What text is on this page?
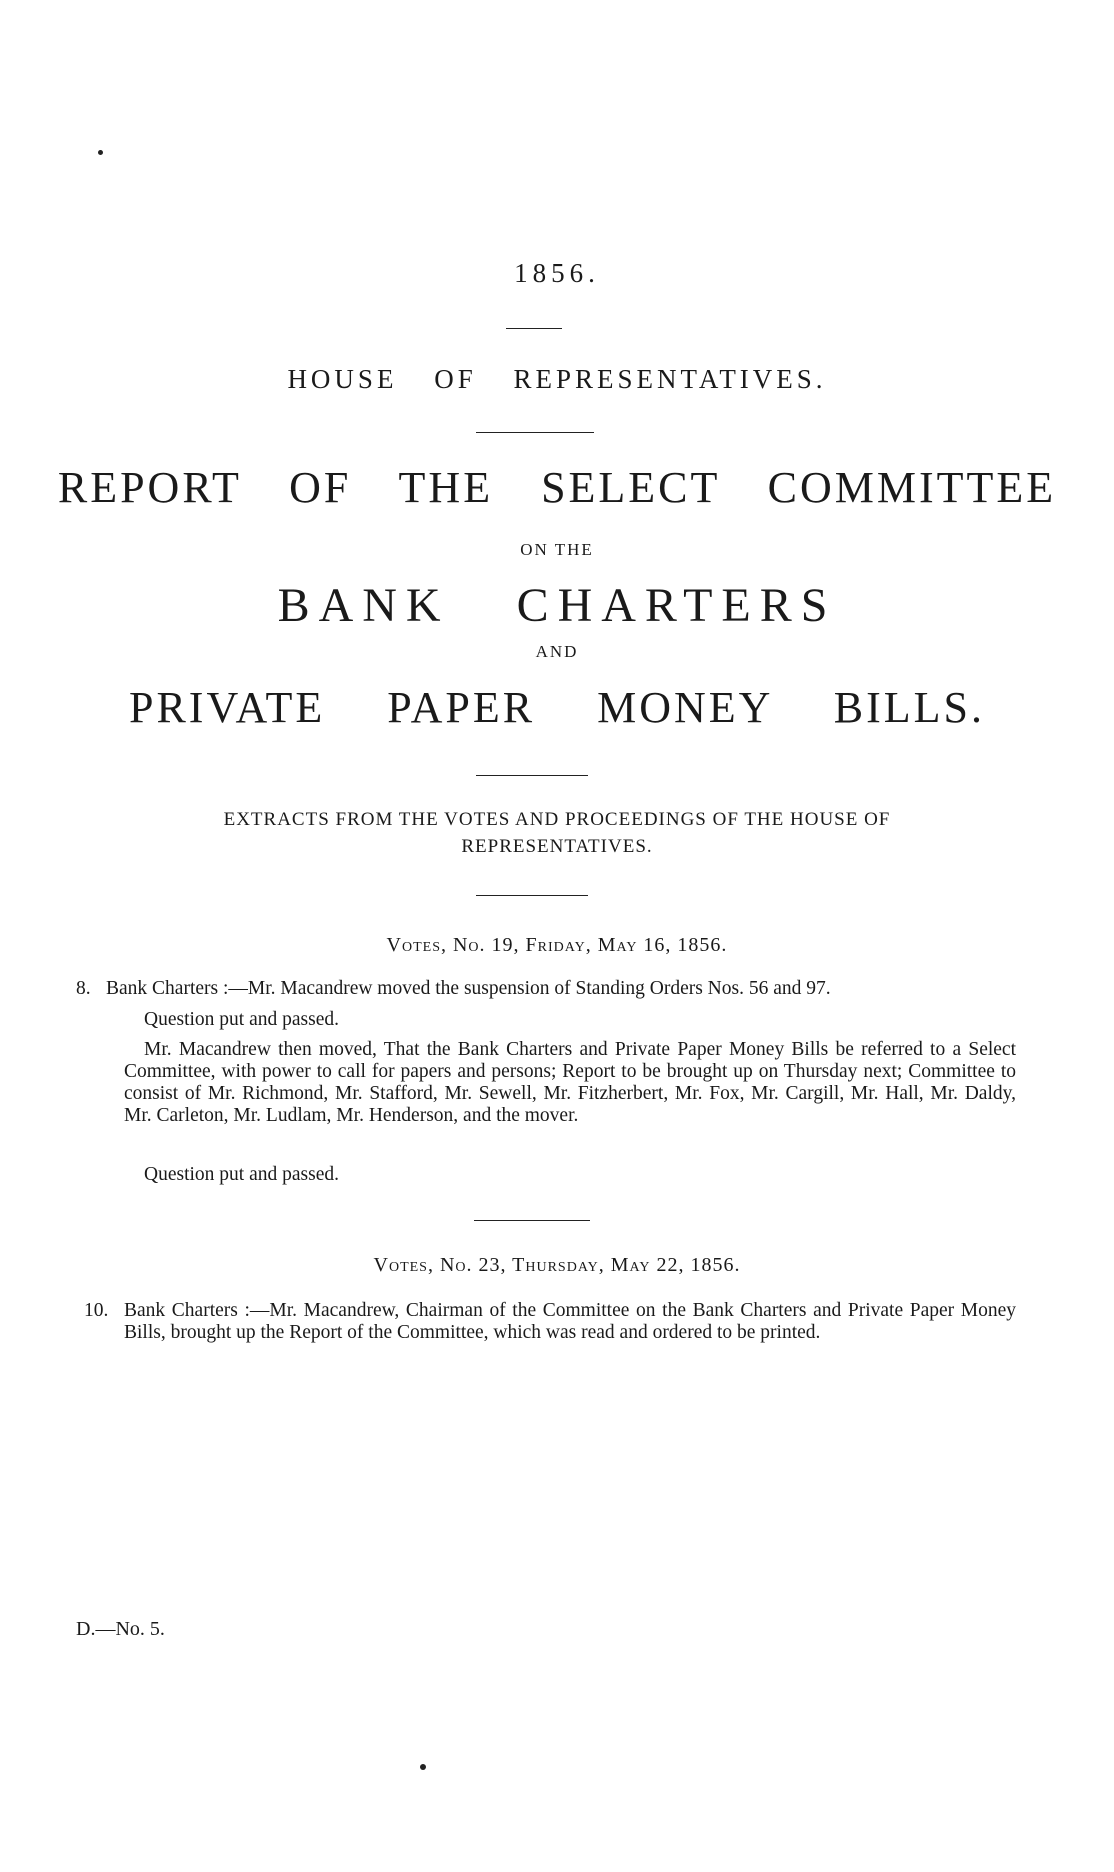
1856.
HOUSE OF REPRESENTATIVES.
REPORT OF THE SELECT COMMITTEE
ON THE
BANK CHARTERS
AND
PRIVATE PAPER MONEY BILLS.
EXTRACTS FROM THE VOTES AND PROCEEDINGS OF THE HOUSE OF
REPRESENTATIVES.
Votes, No. 19, Friday, May 16, 1856.
8. Bank Charters :—Mr. Macandrew moved the suspension of Standing Orders Nos. 56 and 97.
Question put and passed.
Mr. Macandrew then moved, That the Bank Charters and Private Paper Money Bills be referred to a Select Committee, with power to call for papers and persons; Report to be brought up on Thursday next; Committee to consist of Mr. Richmond, Mr. Stafford, Mr. Sewell, Mr. Fitzherbert, Mr. Fox, Mr. Cargill, Mr. Hall, Mr. Daldy, Mr. Carleton, Mr. Ludlam, Mr. Henderson, and the mover.
Question put and passed.
Votes, No. 23, Thursday, May 22, 1856.
10. Bank Charters :—Mr. Macandrew, Chairman of the Committee on the Bank Charters and Private Paper Money Bills, brought up the Report of the Committee, which was read and ordered to be printed.
D.—No. 5.
